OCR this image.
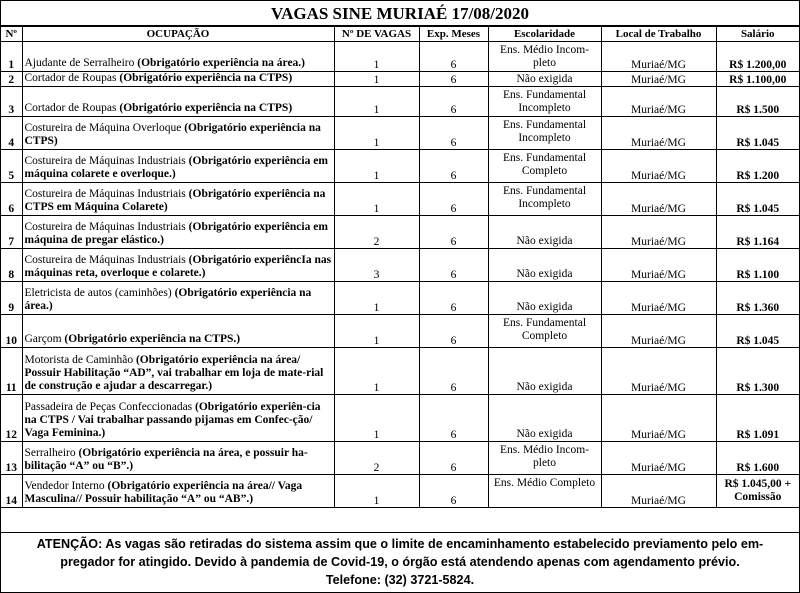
VAGAS SINE MURIAÉ 17/08/2020
Nº	OCUPAÇÃO	Nº DE VAGAS	Exp. Meses	Escolaridade	Local de Trabalho	Salário
1	Ajudante de Serralheiro (Obrigatório experiência na área.)	1	6	Ens. Médio Incom-pleto	Muriaé/MG	R$ 1.200,00
2	Cortador de Roupas (Obrigatório experiência na CTPS)	1	6	Não exigida	Muriaé/MG	R$ 1.100,00
3	Cortador de Roupas (Obrigatório experiência na CTPS)	1	6	Ens. Fundamental Incompleto	Muriaé/MG	R$ 1.500
4	Costureira de Máquina Overloque (Obrigatório experiência na CTPS)	1	6	Ens. Fundamental Incompleto	Muriaé/MG	R$ 1.045
5	Costureira de Máquinas Industriais (Obrigatório experiência em máquina colarete e overloque.)	1	6	Ens. Fundamental Completo	Muriaé/MG	R$ 1.200
6	Costureira de Máquinas Industriais (Obrigatório experiência na CTPS em Máquina Colarete)	1	6	Ens. Fundamental Incompleto	Muriaé/MG	R$ 1.045
7	Costureira de Máquinas Industriais (Obrigatório experiência em máquina de pregar elástico.)	2	6	Não exigida	Muriaé/MG	R$ 1.164
8	Costureira de Máquinas Industriais (Obrigatório experiêncIa nas máquinas reta, overloque e colarete.)	3	6	Não exigida	Muriaé/MG	R$ 1.100
9	Eletricista de autos (caminhões) (Obrigatório experiência na área.)	1	6	Não exigida	Muriaé/MG	R$ 1.360
10	Garçom (Obrigatório experiência na CTPS.)	1	6	Ens. Fundamental Completo	Muriaé/MG	R$ 1.045
11	Motorista de Caminhão (Obrigatório experiência na área/ Possuir Habilitação “AD”, vai trabalhar em loja de mate-rial de construção e ajudar a descarregar.)	1	6	Não exigida	Muriaé/MG	R$ 1.300
12	Passadeira de Peças Confeccionadas (Obrigatório experiên-cia na CTPS / Vai trabalhar passando pijamas em Confec-ção/ Vaga Feminina.)	1	6	Não exigida	Muriaé/MG	R$ 1.091
13	Serralheiro (Obrigatório experiência na área, e possuir ha-bilitação “A” ou “B”.)	2	6	Ens. Médio Incom-pleto	Muriaé/MG	R$ 1.600
14	Vendedor Interno (Obrigatório experiência na área// Vaga Masculina// Possuir habilitação “A” ou “AB”.)	1	6	Ens. Médio Completo	Muriaé/MG	R$ 1.045,00 + Comissão
ATENÇÃO: As vagas são retiradas do sistema assim que o limite de encaminhamento estabelecido previamento pelo em-
pregador for atingido. Devido à pandemia de Covid-19, o órgão está atendendo apenas com agendamento prévio.
Telefone: (32) 3721-5824.
